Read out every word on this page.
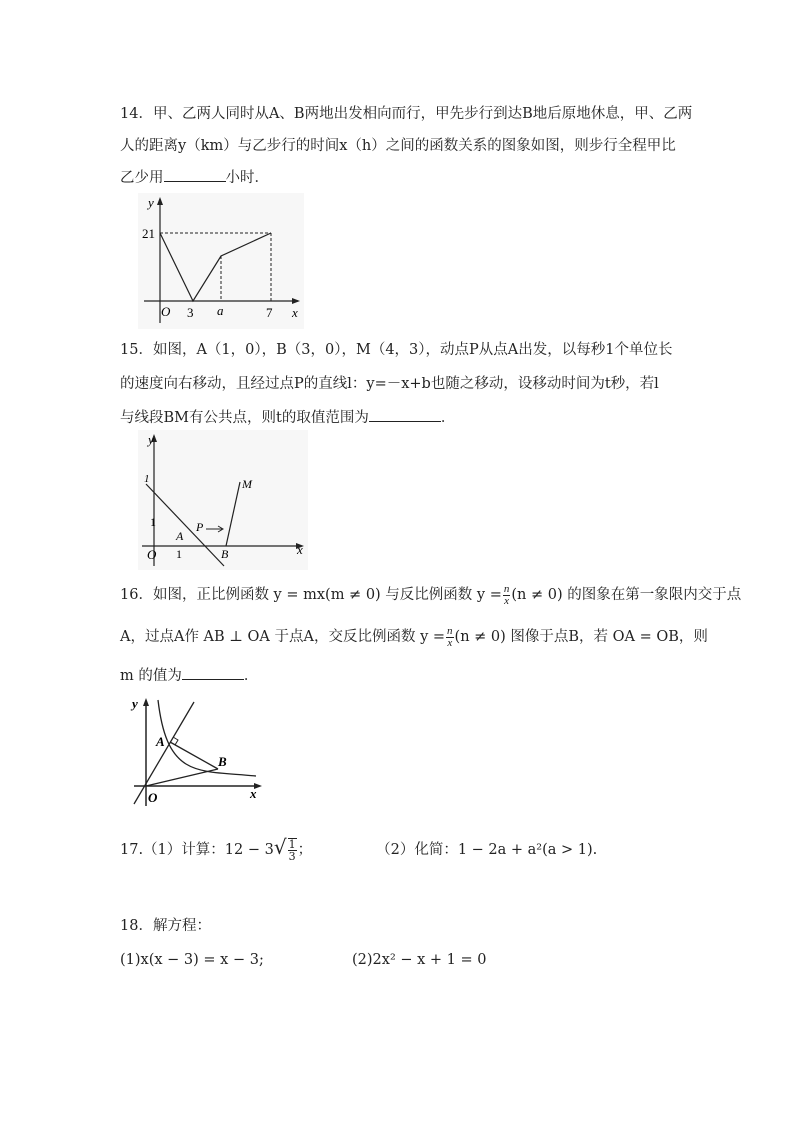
14．甲、乙两人同时从A、B两地出发相向而行，甲先步行到达B地后原地休息，甲、乙两
人的距离y（km）与乙步行的时间x（h）之间的函数关系的图象如图，则步行全程甲比
乙少用	小时．
y
x
O
21
3 a	7
15．如图，A（1，0），B（3，0），M（4，3），动点P从点A出发，以每秒1个单位长
的速度向右移动，且经过点P的直线l：y=－x+b也随之移动，设移动时间为t秒，若l
与线段BM有公共点，则t的取值范围为	．
y
x
O
1
1
1
A
B
M
P
16．如图，正比例函数 y = mx(m ≠ 0) 与反比例函数 $y = \frac{n}{x} (n \ne 0)$ 的图象在第一象限内交于点
A，过点A作 AB ⊥ OA 于点A，交反比例函数 $y = \frac{n}{x} (n \ne 0)$ 图像于点B，若 OA = OB，则
m 的值为	．
y
x
O
A
B
17.（1）计算：$12 - 3√ \frac{1}{3}$ ；	（2）化简：1 − 2a + a²(a > 1).
18．解方程：
(1)x(x − 3) = x − 3;	(2)2x² − x + 1 = 0
